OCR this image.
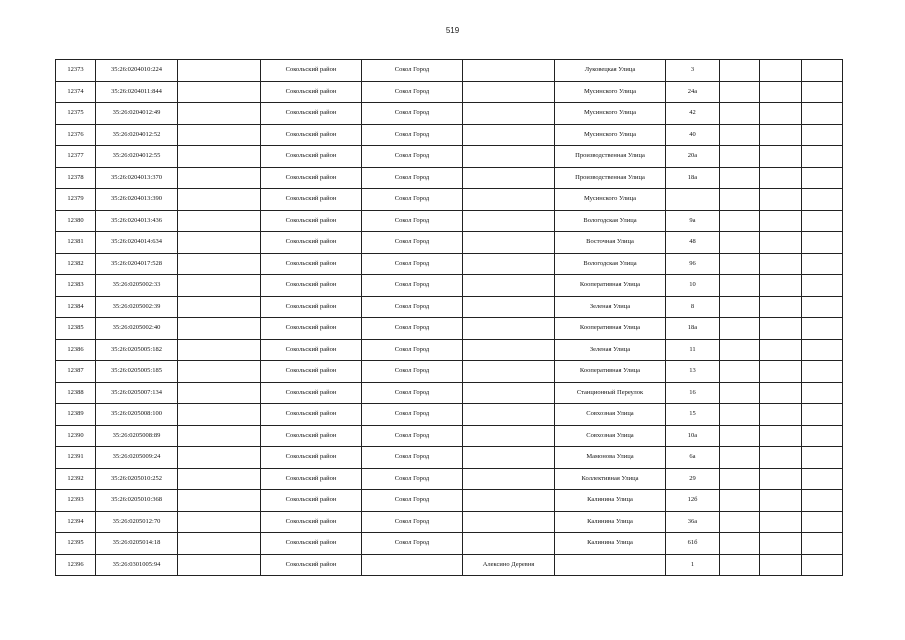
519
12373	35:26:0204010:224		Сокольский район	Сокол Город		Луковецкая Улица	3			
12374	35:26:0204011:844		Сокольский район	Сокол Город		Мусинского Улица	24а			
12375	35:26:0204012:49		Сокольский район	Сокол Город		Мусинского Улица	42			
12376	35:26:0204012:52		Сокольский район	Сокол Город		Мусинского Улица	40			
12377	35:26:0204012:55		Сокольский район	Сокол Город		Производственная Улица	20а			
12378	35:26:0204013:370		Сокольский район	Сокол Город		Производственная Улица	18а			
12379	35:26:0204013:390		Сокольский район	Сокол Город		Мусинского Улица				
12380	35:26:0204013:436		Сокольский район	Сокол Город		Вологодская Улица	9а			
12381	35:26:0204014:634		Сокольский район	Сокол Город		Восточная Улица	48			
12382	35:26:0204017:528		Сокольский район	Сокол Город		Вологодская Улица	96			
12383	35:26:0205002:33		Сокольский район	Сокол Город		Кооперативная Улица	10			
12384	35:26:0205002:39		Сокольский район	Сокол Город		Зеленая Улица	8			
12385	35:26:0205002:40		Сокольский район	Сокол Город		Кооперативная Улица	18а			
12386	35:26:0205005:182		Сокольский район	Сокол Город		Зеленая Улица	11			
12387	35:26:0205005:185		Сокольский район	Сокол Город		Кооперативная Улица	13			
12388	35:26:0205007:134		Сокольский район	Сокол Город		Станционный Переулок	16			
12389	35:26:0205008:100		Сокольский район	Сокол Город		Совхозная Улица	15			
12390	35:26:0205008:89		Сокольский район	Сокол Город		Совхозная Улица	10а			
12391	35:26:0205009:24		Сокольский район	Сокол Город		Мамонова Улица	6а			
12392	35:26:0205010:252		Сокольский район	Сокол Город		Коллективная Улица	29			
12393	35:26:0205010:368		Сокольский район	Сокол Город		Калинина Улица	12б			
12394	35:26:0205012:70		Сокольский район	Сокол Город		Калинина Улица	36а			
12395	35:26:0205014:18		Сокольский район	Сокол Город		Калинина Улица	61б			
12396	35:26:0301005:94		Сокольский район		Алексино Деревня		1			
